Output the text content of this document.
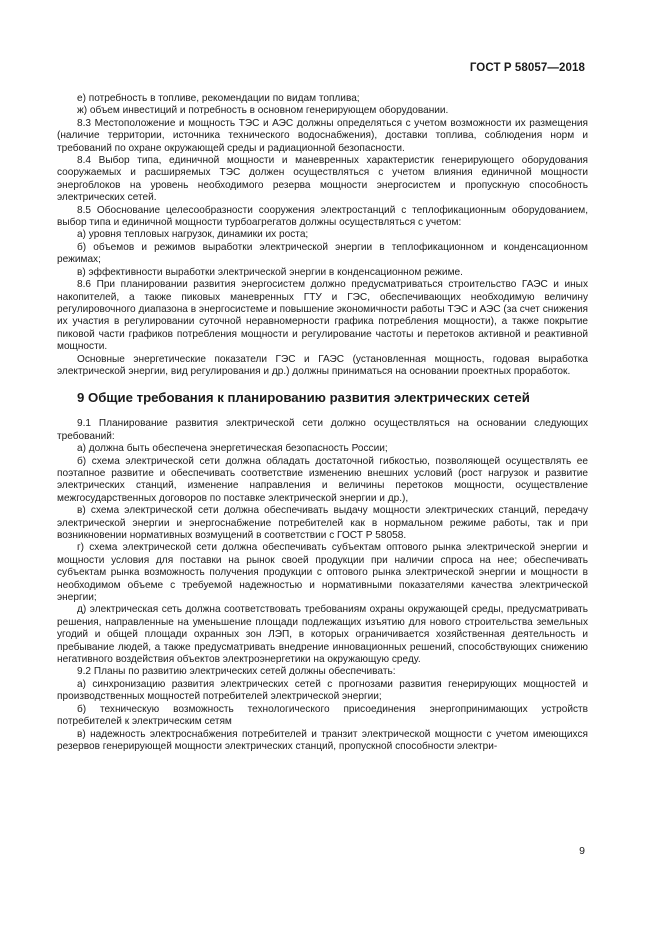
ГОСТ Р 58057—2018

е) потребность в топливе, рекомендации по видам топлива;

ж) объем инвестиций и потребность в основном генерирующем оборудовании.

8.3 Местоположение и мощность ТЭС и АЭС должны определяться с учетом возможности их размещения (наличие территории, источника технического водоснабжения), доставки топлива, соблюдения норм и требований по охране окружающей среды и радиационной безопасности.

8.4 Выбор типа, единичной мощности и маневренных характеристик генерирующего оборудования сооружаемых и расширяемых ТЭС должен осуществляться с учетом влияния единичной мощности энергоблоков на уровень необходимого резерва мощности энергосистем и пропускную способность электрических сетей.

8.5 Обоснование целесообразности сооружения электростанций с теплофикационным оборудованием, выбор типа и единичной мощности турбоагрегатов должны осуществляться с учетом:

а) уровня тепловых нагрузок, динамики их роста;

б) объемов и режимов выработки электрической энергии в теплофикационном и конденсационном режимах;

в) эффективности выработки электрической энергии в конденсационном режиме.

8.6 При планировании развития энергосистем должно предусматриваться строительство ГАЭС и иных накопителей, а также пиковых маневренных ГТУ и ГЭС, обеспечивающих необходимую величину регулировочного диапазона в энергосистеме и повышение экономичности работы ТЭС и АЭС (за счет снижения их участия в регулировании суточной неравномерности графика потребления мощности), а также покрытие пиковой части графиков потребления мощности и регулирование частоты и перетоков активной и реактивной мощности.

Основные энергетические показатели ГЭС и ГАЭС (установленная мощность, годовая выработка электрической энергии, вид регулирования и др.) должны приниматься на основании проектных проработок.

9 Общие требования к планированию развития электрических сетей

9.1 Планирование развития электрической сети должно осуществляться на основании следующих требований:

а) должна быть обеспечена энергетическая безопасность России;

б) схема электрической сети должна обладать достаточной гибкостью, позволяющей осуществлять ее поэтапное развитие и обеспечивать соответствие изменению внешних условий (рост нагрузок и развитие электрических станций, изменение направления и величины перетоков мощности, осуществление межгосударственных договоров по поставке электрической энергии и др.),

в) схема электрической сети должна обеспечивать выдачу мощности электрических станций, передачу электрической энергии и энергоснабжение потребителей как в нормальном режиме работы, так и при возникновении нормативных возмущений в соответствии с ГОСТ Р 58058.

г) схема электрической сети должна обеспечивать субъектам оптового рынка электрической энергии и мощности условия для поставки на рынок своей продукции при наличии спроса на нее; обеспечивать субъектам рынка возможность получения продукции с оптового рынка электрической энергии и мощности в необходимом объеме с требуемой надежностью и нормативными показателями качества электрической энергии;

д) электрическая сеть должна соответствовать требованиям охраны окружающей среды, предусматривать решения, направленные на уменьшение площади подлежащих изъятию для нового строительства земельных угодий и общей площади охранных зон ЛЭП, в которых ограничивается хозяйственная деятельность и пребывание людей, а также предусматривать внедрение инновационных решений, способствующих снижению негативного воздействия объектов электроэнергетики на окружающую среду.

9.2 Планы по развитию электрических сетей должны обеспечивать:

а) синхронизацию развития электрических сетей с прогнозами развития генерирующих мощностей и производственных мощностей потребителей электрической энергии;

б) техническую возможность технологического присоединения энергопринимающих устройств потребителей к электрическим сетям

в) надежность электроснабжения потребителей и транзит электрической мощности с учетом имеющихся резервов генерирующей мощности электрических станций, пропускной способности электри-

9
